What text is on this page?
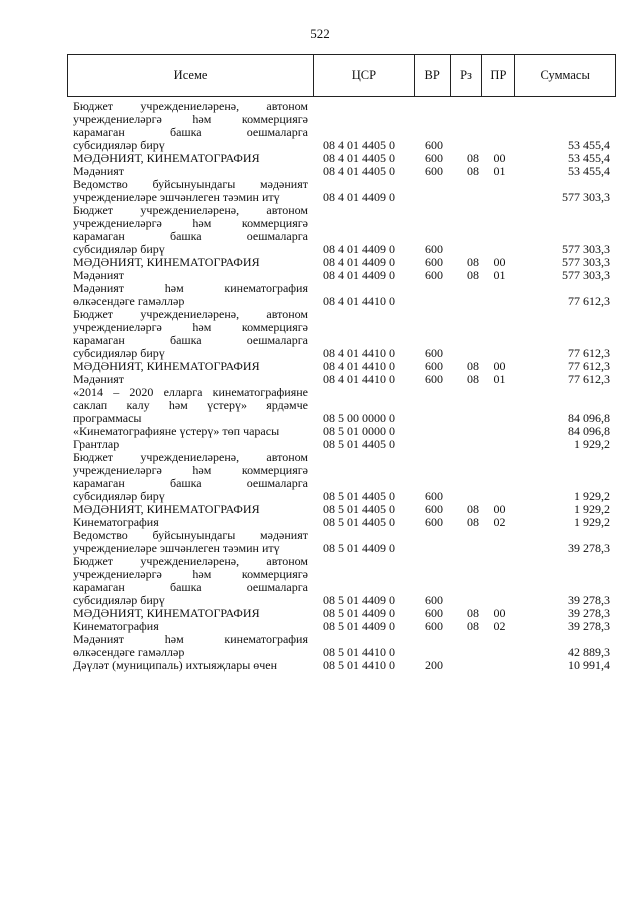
522
Исеме	ЦСР	ВР	Рз	ПР	Суммасы
Бюджет учреждениеләренә, автоном
учреждениеләргә һәм коммерциягә
карамаган башка оешмаларга
субсидияләр бирү	08 4 01 4405 0	600	53 455,4
МӘДӘНИЯТ, КИНЕМАТОГРАФИЯ	08 4 01 4405 0	600	08	00	53 455,4
Мәдәният	08 4 01 4405 0	600	08	01	53 455,4
Ведомство буйсынуындагы мәдәният
учреждениеләре эшчәнлеген тәэмин итү	08 4 01 4409 0	577 303,3
Бюджет учреждениеләренә, автоном
учреждениеләргә һәм коммерциягә
карамаган башка оешмаларга
субсидияләр бирү	08 4 01 4409 0	600	577 303,3
МӘДӘНИЯТ, КИНЕМАТОГРАФИЯ	08 4 01 4409 0	600	08	00	577 303,3
Мәдәният	08 4 01 4409 0	600	08	01	577 303,3
Мәдәният һәм кинематография
өлкәсендәге гамәлләр	08 4 01 4410 0	77 612,3
Бюджет учреждениеләренә, автоном
учреждениеләргә һәм коммерциягә
карамаган башка оешмаларга
субсидияләр бирү	08 4 01 4410 0	600	77 612,3
МӘДӘНИЯТ, КИНЕМАТОГРАФИЯ	08 4 01 4410 0	600	08	00	77 612,3
Мәдәният	08 4 01 4410 0	600	08	01	77 612,3
«2014 – 2020 елларга кинематографияне
саклап калу һәм үстерү» ярдәмче
программасы	08 5 00 0000 0	84 096,8
«Кинематографияне үстерү» төп чарасы	08 5 01 0000 0	84 096,8
Грантлар	08 5 01 4405 0	1 929,2
Бюджет учреждениеләренә, автоном
учреждениеләргә һәм коммерциягә
карамаган башка оешмаларга
субсидияләр бирү	08 5 01 4405 0	600	1 929,2
МӘДӘНИЯТ, КИНЕМАТОГРАФИЯ	08 5 01 4405 0	600	08	00	1 929,2
Кинематография	08 5 01 4405 0	600	08	02	1 929,2
Ведомство буйсынуындагы мәдәният
учреждениеләре эшчәнлеген тәэмин итү	08 5 01 4409 0	39 278,3
Бюджет учреждениеләренә, автоном
учреждениеләргә һәм коммерциягә
карамаган башка оешмаларга
субсидияләр бирү	08 5 01 4409 0	600	39 278,3
МӘДӘНИЯТ, КИНЕМАТОГРАФИЯ	08 5 01 4409 0	600	08	00	39 278,3
Кинематография	08 5 01 4409 0	600	08	02	39 278,3
Мәдәният һәм кинематография
өлкәсендәге гамәлләр	08 5 01 4410 0	42 889,3
Дәүләт (муниципаль) ихтыяҗлары өчен	08 5 01 4410 0	200	10 991,4
